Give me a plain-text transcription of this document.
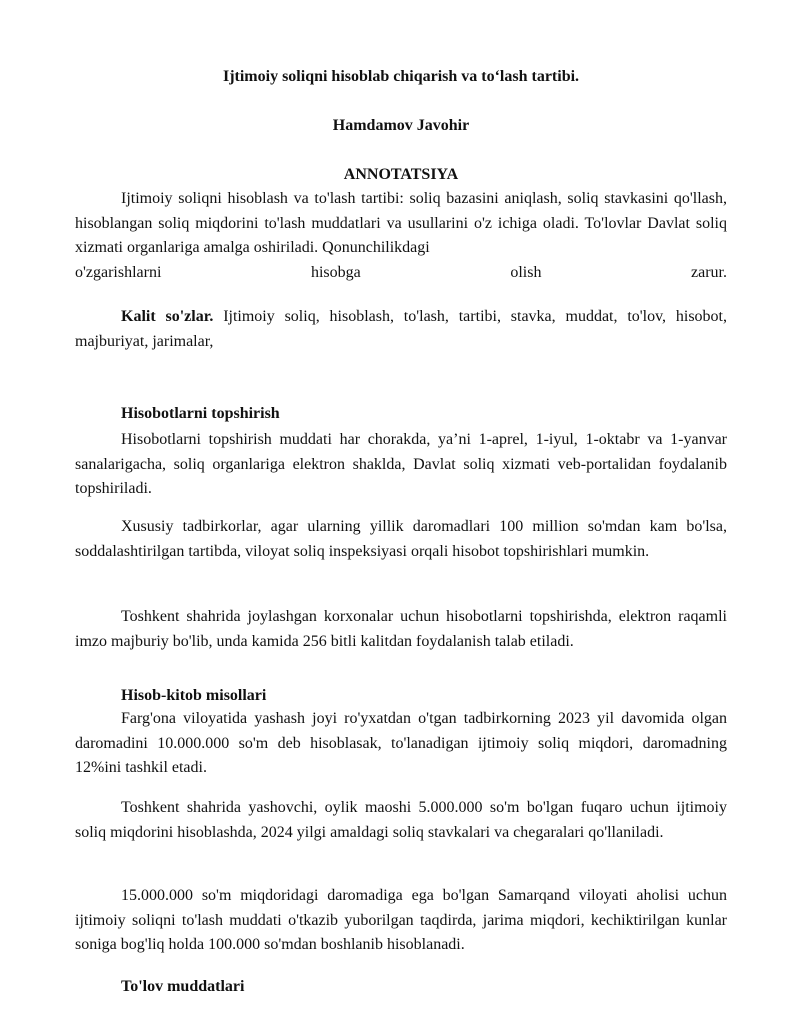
Ijtimoiy soliqni hisoblab chiqarish va to‘lash tartibi.
Hamdamov Javohir
ANNOTATSIYA
Ijtimoiy soliqni hisoblash va to'lash tartibi: soliq bazasini aniqlash, soliq stavkasini qo'llash, hisoblangan soliq miqdorini to'lash muddatlari va usullarini o'z ichiga oladi. To'lovlar Davlat soliq xizmati organlariga amalga oshiriladi. Qonunchilikdagi
o'zgarishlarni hisobga olish zarur.
Kalit so'zlar. Ijtimoiy soliq, hisoblash, to'lash, tartibi, stavka, muddat, to'lov, hisobot, majburiyat, jarimalar,
Hisobotlarni topshirish
Hisobotlarni topshirish muddati har chorakda, ya’ni 1-aprel, 1-iyul, 1-oktabr va 1-yanvar sanalarigacha, soliq organlariga elektron shaklda, Davlat soliq xizmati veb-portalidan foydalanib topshiriladi.
Xususiy tadbirkorlar, agar ularning yillik daromadlari 100 million so'mdan kam bo'lsa, soddalashtirilgan tartibda, viloyat soliq inspeksiyasi orqali hisobot topshirishlari mumkin.
Toshkent shahrida joylashgan korxonalar uchun hisobotlarni topshirishda, elektron raqamli imzo majburiy bo'lib, unda kamida 256 bitli kalitdan foydalanish talab etiladi.
Hisob-kitob misollari
Farg'ona viloyatida yashash joyi ro'yxatdan o'tgan tadbirkorning 2023 yil davomida olgan daromadini 10.000.000 so'm deb hisoblasak, to'lanadigan ijtimoiy soliq miqdori, daromadning 12%ini tashkil etadi.
Toshkent shahrida yashovchi, oylik maoshi 5.000.000 so'm bo'lgan fuqaro uchun ijtimoiy soliq miqdorini hisoblashda, 2024 yilgi amaldagi soliq stavkalari va chegaralari qo'llaniladi.
15.000.000 so'm miqdoridagi daromadiga ega bo'lgan Samarqand viloyati aholisi uchun ijtimoiy soliqni to'lash muddati o'tkazib yuborilgan taqdirda, jarima miqdori, kechiktirilgan kunlar soniga bog'liq holda 100.000 so'mdan boshlanib hisoblanadi.
To'lov muddatlari
